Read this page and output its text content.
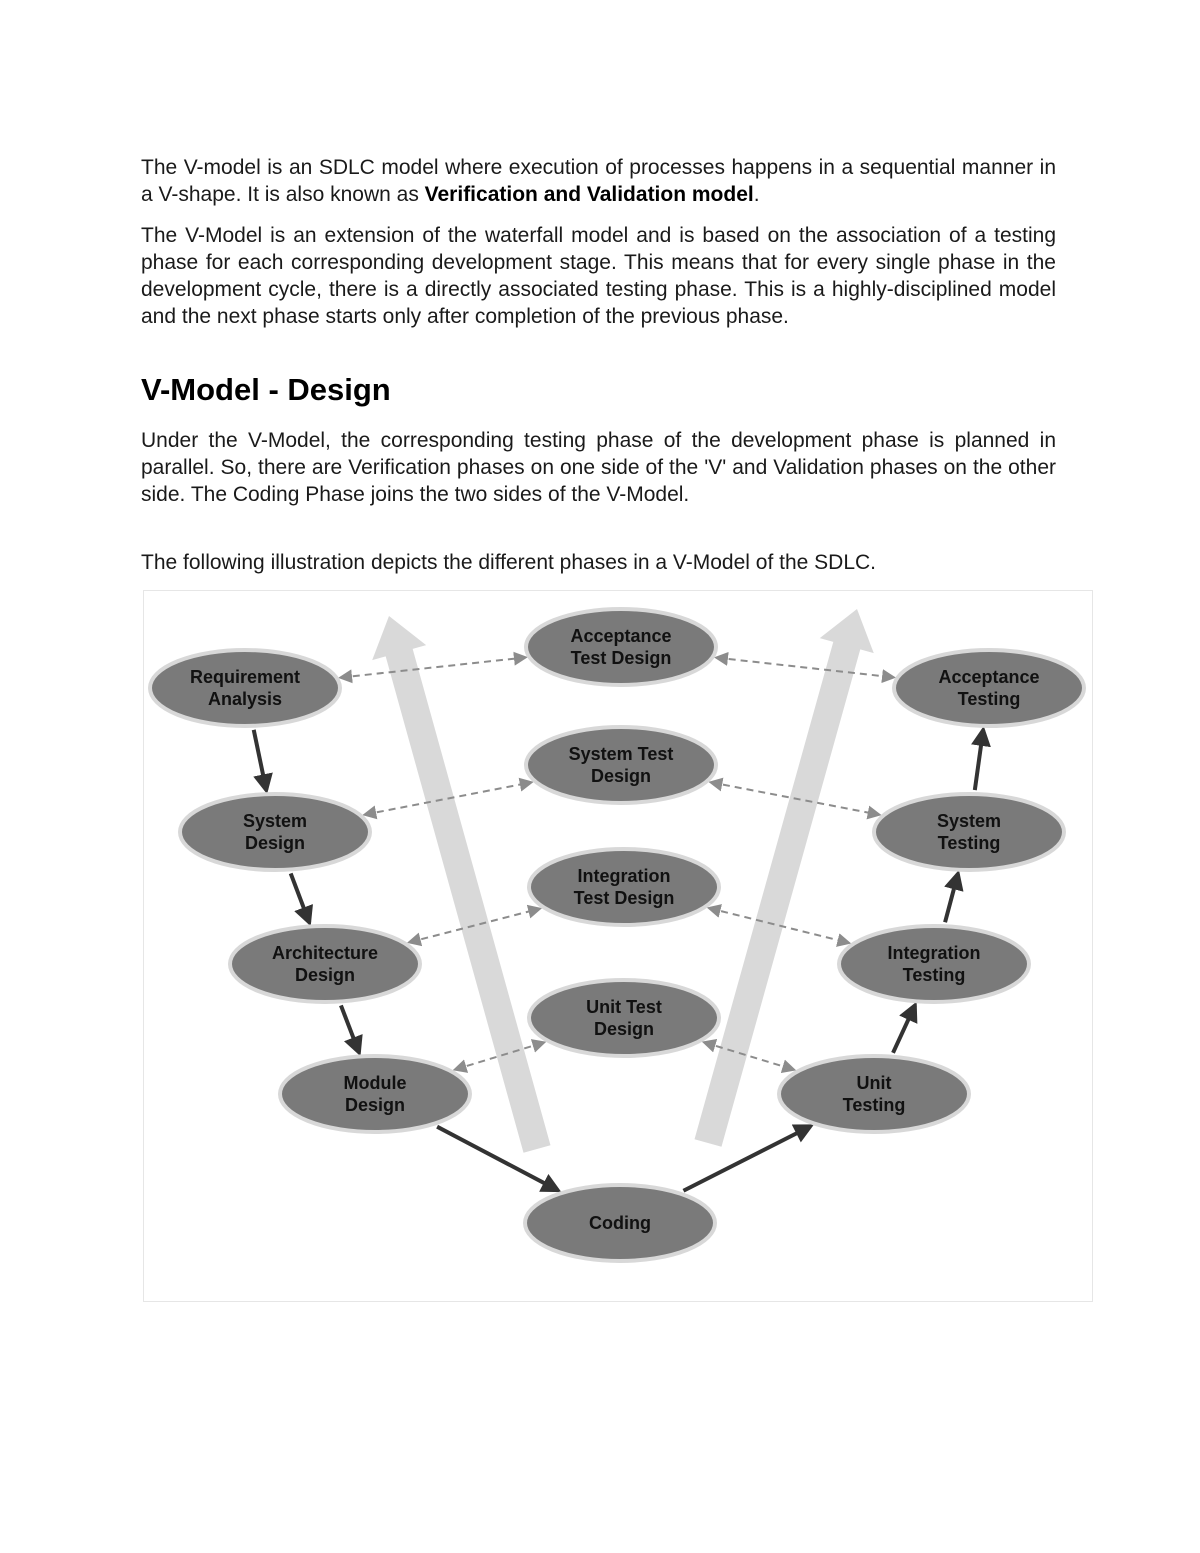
The V-model is an SDLC model where execution of processes happens in a sequential manner in a V-shape. It is also known as Verification and Validation model.

The V-Model is an extension of the waterfall model and is based on the association of a testing phase for each corresponding development stage. This means that for every single phase in the development cycle, there is a directly associated testing phase. This is a highly-disciplined model and the next phase starts only after completion of the previous phase.

V-Model - Design

Under the V-Model, the corresponding testing phase of the development phase is planned in parallel. So, there are Verification phases on one side of the 'V' and Validation phases on the other side. The Coding Phase joins the two sides of the V-Model.

The following illustration depicts the different phases in a V-Model of the SDLC.

Requirement
Analysis
System
Design
Architecture
Design
Module
Design
Coding
Unit
Testing
Integration
Testing
System
Testing
Acceptance
Testing
Acceptance
Test Design
System Test
Design
Integration
Test Design
Unit Test
Design
